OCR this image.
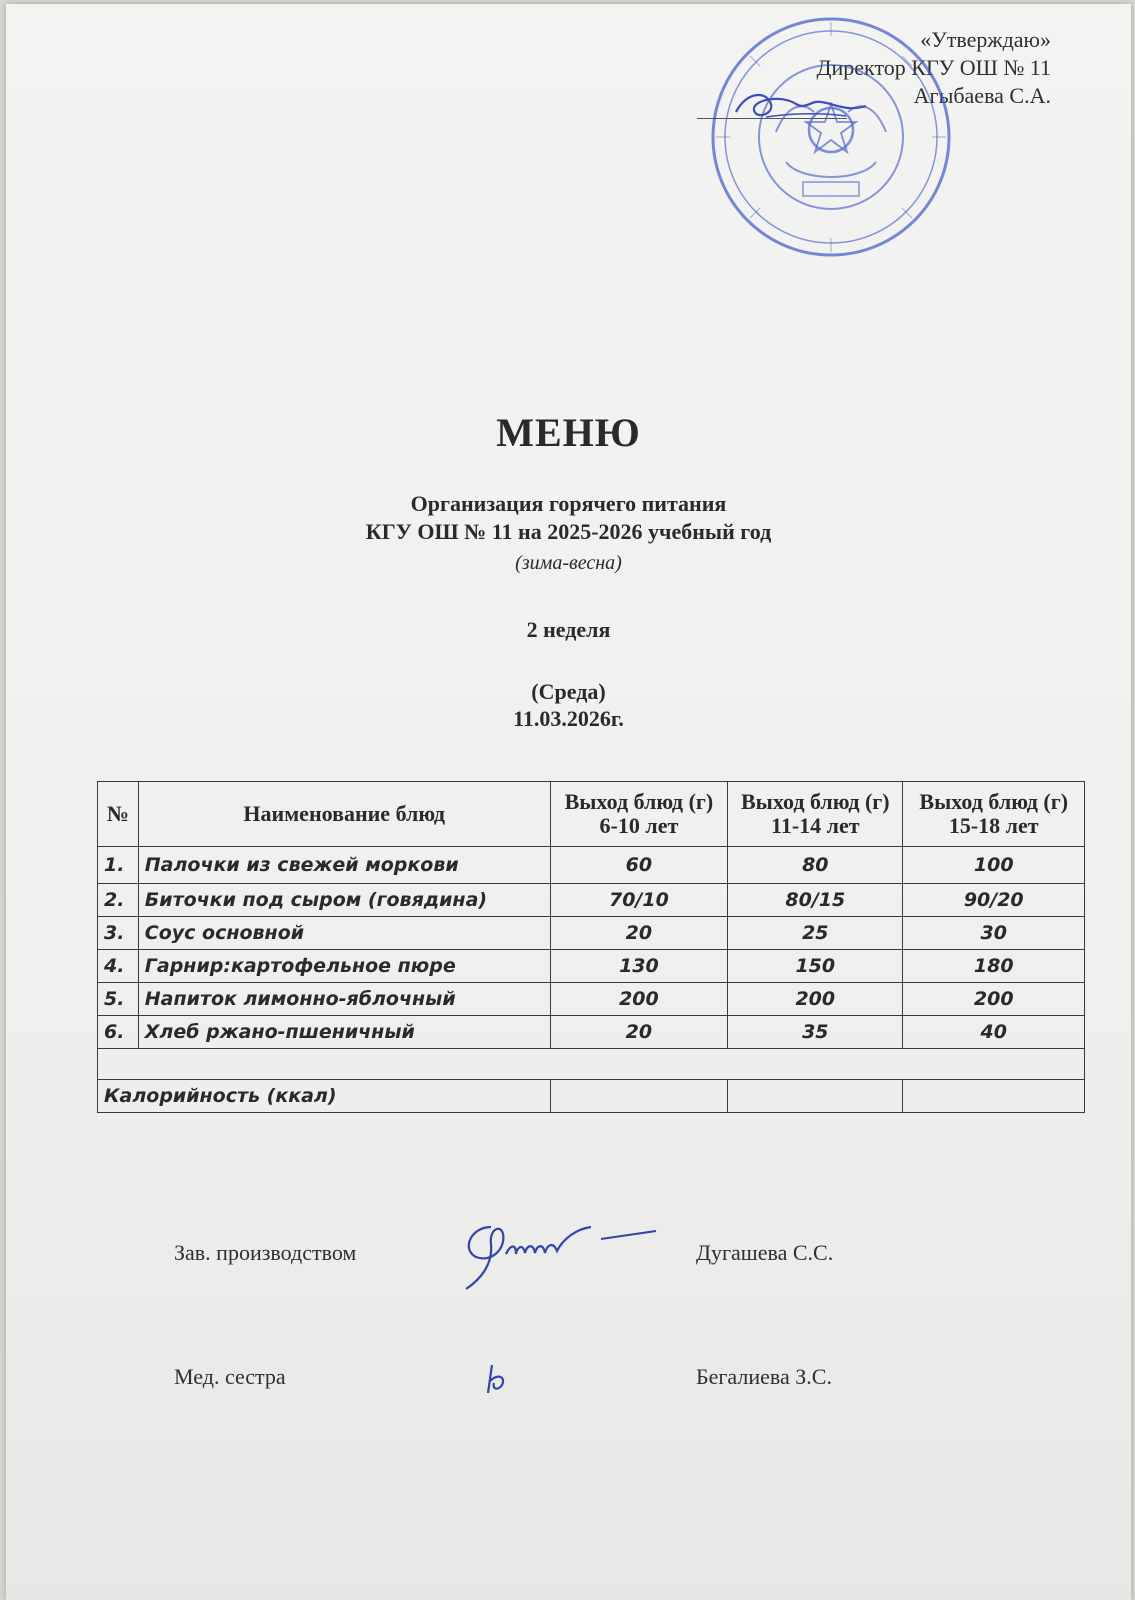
«Утверждаю»
Директор КГУ ОШ № 11
Агыбаева С.А.
МЕНЮ
Организация горячего питания
КГУ ОШ № 11 на 2025-2026 учебный год
(зима-весна)
2 неделя
(Среда)
11.03.2026г.
№	Наименование блюд	Выход блюд (г) 6-10 лет	Выход блюд (г) 11-14 лет	Выход блюд (г) 15-18 лет
1.	Палочки из свежей моркови	60	80	100
2.	Биточки под сыром (говядина)	70/10	80/15	90/20
3.	Соус основной	20	25	30
4.	Гарнир:картофельное пюре	130	150	180
5.	Напиток лимонно-яблочный	200	200	200
6.	Хлеб ржано-пшеничный	20	35	40

Калорийность (ккал)				
Зав. производством	Дугашева С.С.
Мед. сестра	Бегалиева З.С.
